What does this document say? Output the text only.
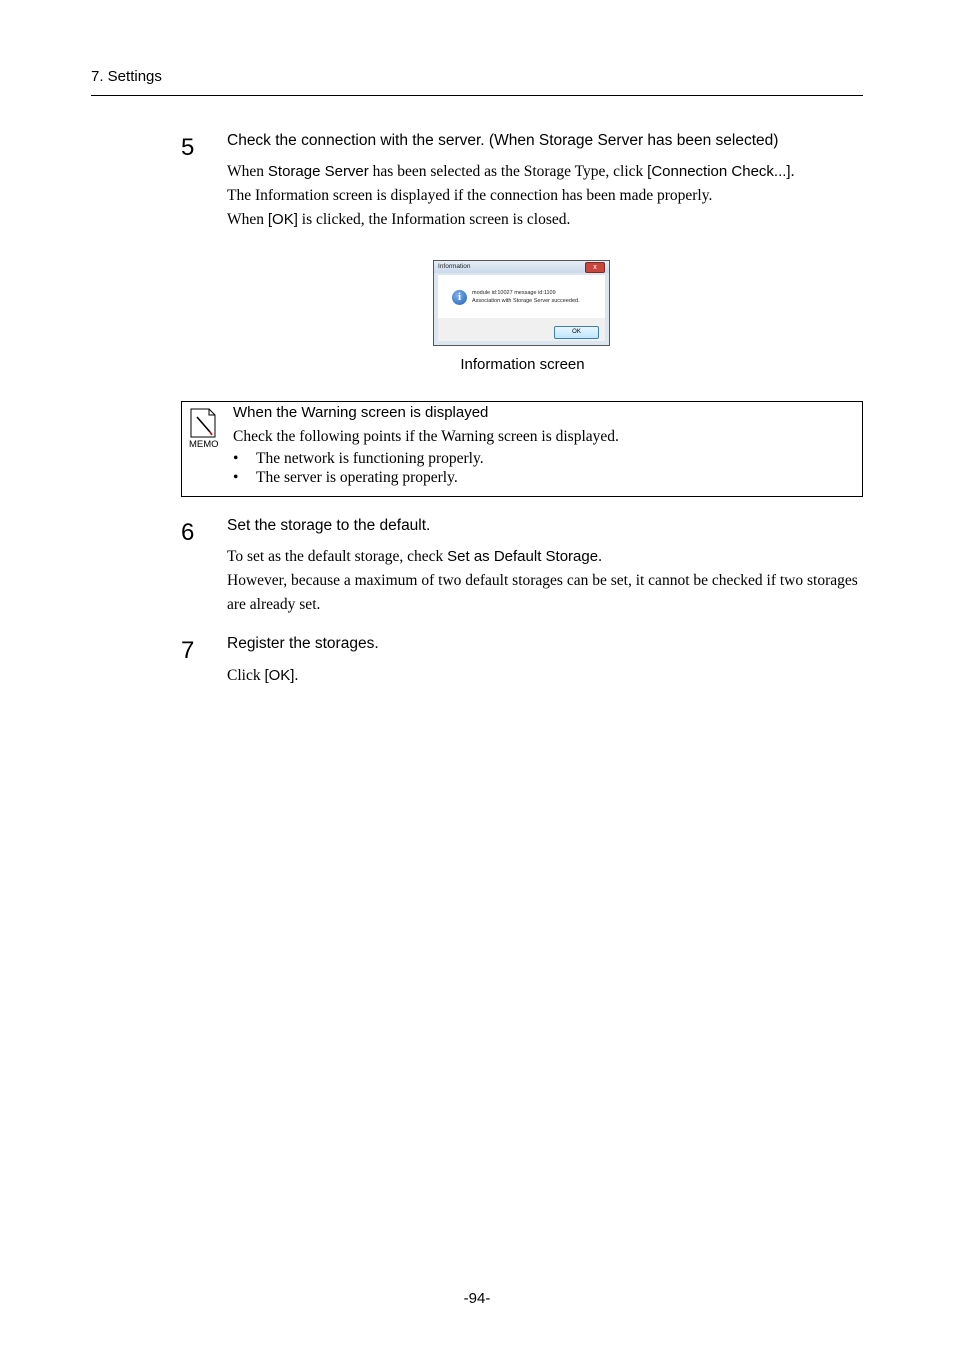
7. Settings
5 Check the connection with the server. (When Storage Server has been selected)

When Storage Server has been selected as the Storage Type, click [Connection Check...].

The Information screen is displayed if the connection has been made properly.

When [OK] is clicked, the Information screen is closed.

Information	x
i	module id:10027 message id:1109
Association with Storage Server succeeded.
OK
Information screen
MEMO
When the Warning screen is displayed
Check the following points if the Warning screen is displayed.
• The network is functioning properly.
• The server is operating properly.
6 Set the storage to the default.

To set as the default storage, check Set as Default Storage.

However, because a maximum of two default storages can be set, it cannot be checked if two storages are already set.

7 Register the storages.

Click [OK].

-94-
